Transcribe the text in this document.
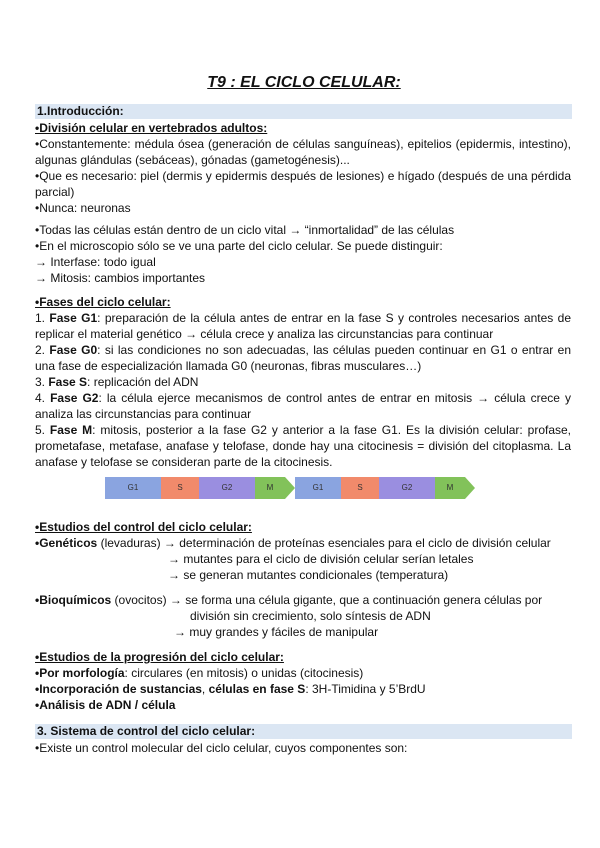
T9 : EL CICLO CELULAR:
1.Introducción:
•División celular en vertebrados adultos:
•Constantemente: médula ósea (generación de células sanguíneas), epitelios (epidermis, intestino), algunas glándulas (sebáceas), gónadas (gametogénesis)...
•Que es necesario: piel (dermis y epidermis después de lesiones) e hígado (después de una pérdida parcial)
•Nunca: neuronas
•Todas las células están dentro de un ciclo vital → “inmortalidad” de las células
•En el microscopio sólo se ve una parte del ciclo celular. Se puede distinguir:
→ Interfase: todo igual
→ Mitosis: cambios importantes
•Fases del ciclo celular:
1. Fase G1: preparación de la célula antes de entrar en la fase S y controles necesarios antes de replicar el material genético → célula crece y analiza las circunstancias para continuar
2. Fase G0: si las condiciones no son adecuadas, las células pueden continuar en G1 o entrar en una fase de especialización llamada G0 (neuronas, fibras musculares…)
3. Fase S: replicación del ADN
4. Fase G2: la célula ejerce mecanismos de control antes de entrar en mitosis → célula crece y analiza las circunstancias para continuar
5. Fase M: mitosis, posterior a la fase G2 y anterior a la fase G1. Es la división celular: profase, prometafase, metafase, anafase y telofase, donde hay una citocinesis = división del citoplasma. La anafase y telofase se consideran parte de la citocinesis.
G1	S	G2	M	G1	S	G2	M
•Estudios del control del ciclo celular:
•Genéticos (levaduras) → determinación de proteínas esenciales para el ciclo de división celular
→ mutantes para el ciclo de división celular serían letales
→ se generan mutantes condicionales (temperatura)
•Bioquímicos (ovocitos) → se forma una célula gigante, que a continuación genera células por
división sin crecimiento, solo síntesis de ADN
→ muy grandes y fáciles de manipular
•Estudios de la progresión del ciclo celular:
•Por morfología: circulares (en mitosis) o unidas (citocinesis)
•Incorporación de sustancias, células en fase S: 3H-Timidina y 5’BrdU
•Análisis de ADN / célula
3. Sistema de control del ciclo celular:
•Existe un control molecular del ciclo celular, cuyos componentes son:
